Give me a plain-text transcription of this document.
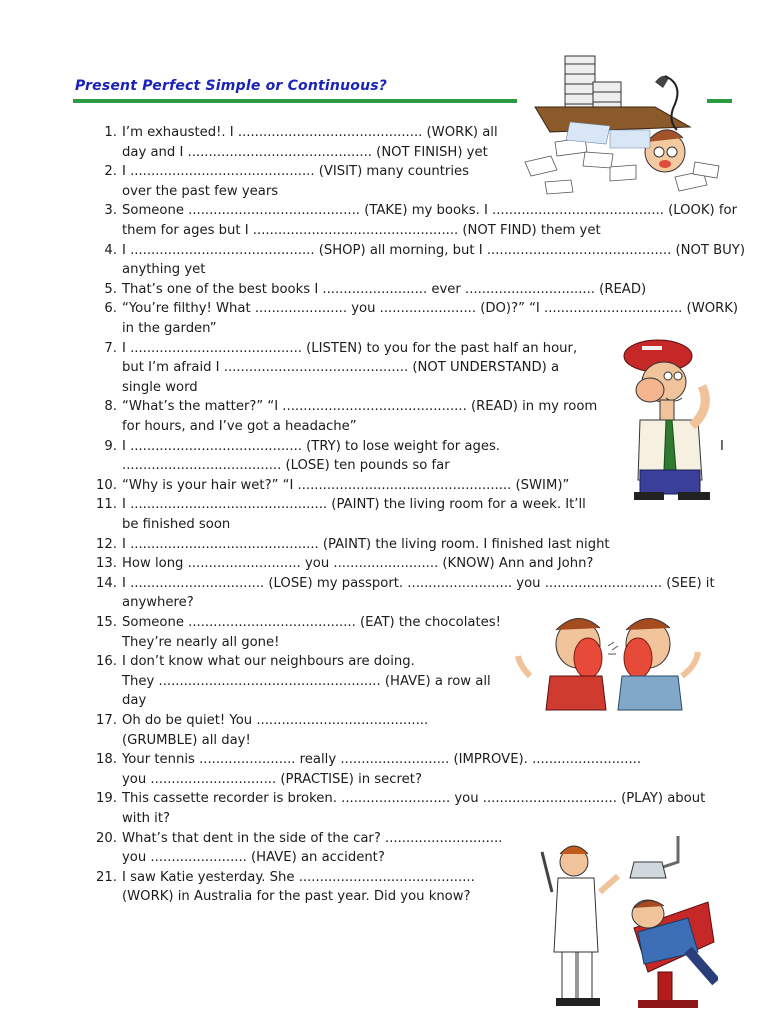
Present Perfect Simple or Continuous?
1. I’m exhausted!. I ............................................ (WORK) all
day and I ............................................ (NOT FINISH) yet
2. I ............................................ (VISIT) many countries
over the past few years
3. Someone ......................................... (TAKE) my books. I ......................................... (LOOK) for
them for ages but I ................................................. (NOT FIND) them yet
4. I ............................................ (SHOP) all morning, but I ............................................ (NOT BUY)
anything yet
5. That’s one of the best books I ......................... ever ............................... (READ)
6. “You’re filthy! What ...................... you ....................... (DO)?” “I ................................. (WORK)
in the garden”
7. I ......................................... (LISTEN) to you for the past half an hour,
but I’m afraid I ............................................ (NOT UNDERSTAND) a
single word
8. “What’s the matter?” “I ............................................ (READ) in my room
for hours, and I’ve got a headache”
9. I ......................................... (TRY) to lose weight for ages.	I
...................................... (LOSE) ten pounds so far
10. “Why is your hair wet?” “I ................................................... (SWIM)”
11. I ............................................... (PAINT) the living room for a week. It’ll
be finished soon
12. I ............................................. (PAINT) the living room. I finished last night
13. How long ........................... you ......................... (KNOW) Ann and John?
14. I ................................ (LOSE) my passport. ......................... you ............................ (SEE) it
anywhere?
15. Someone ........................................ (EAT) the chocolates!
They’re nearly all gone!
16. I don’t know what our neighbours are doing.
They ..................................................... (HAVE) a row all
day
17. Oh do be quiet! You .........................................
(GRUMBLE) all day!
18. Your tennis ....................... really .......................... (IMPROVE). ..........................
you .............................. (PRACTISE) in secret?
19. This cassette recorder is broken. .......................... you ................................ (PLAY) about
with it?
20. What’s that dent in the side of the car? ............................
you ....................... (HAVE) an accident?
21. I saw Katie yesterday. She ..........................................
(WORK) in Australia for the past year. Did you know?
